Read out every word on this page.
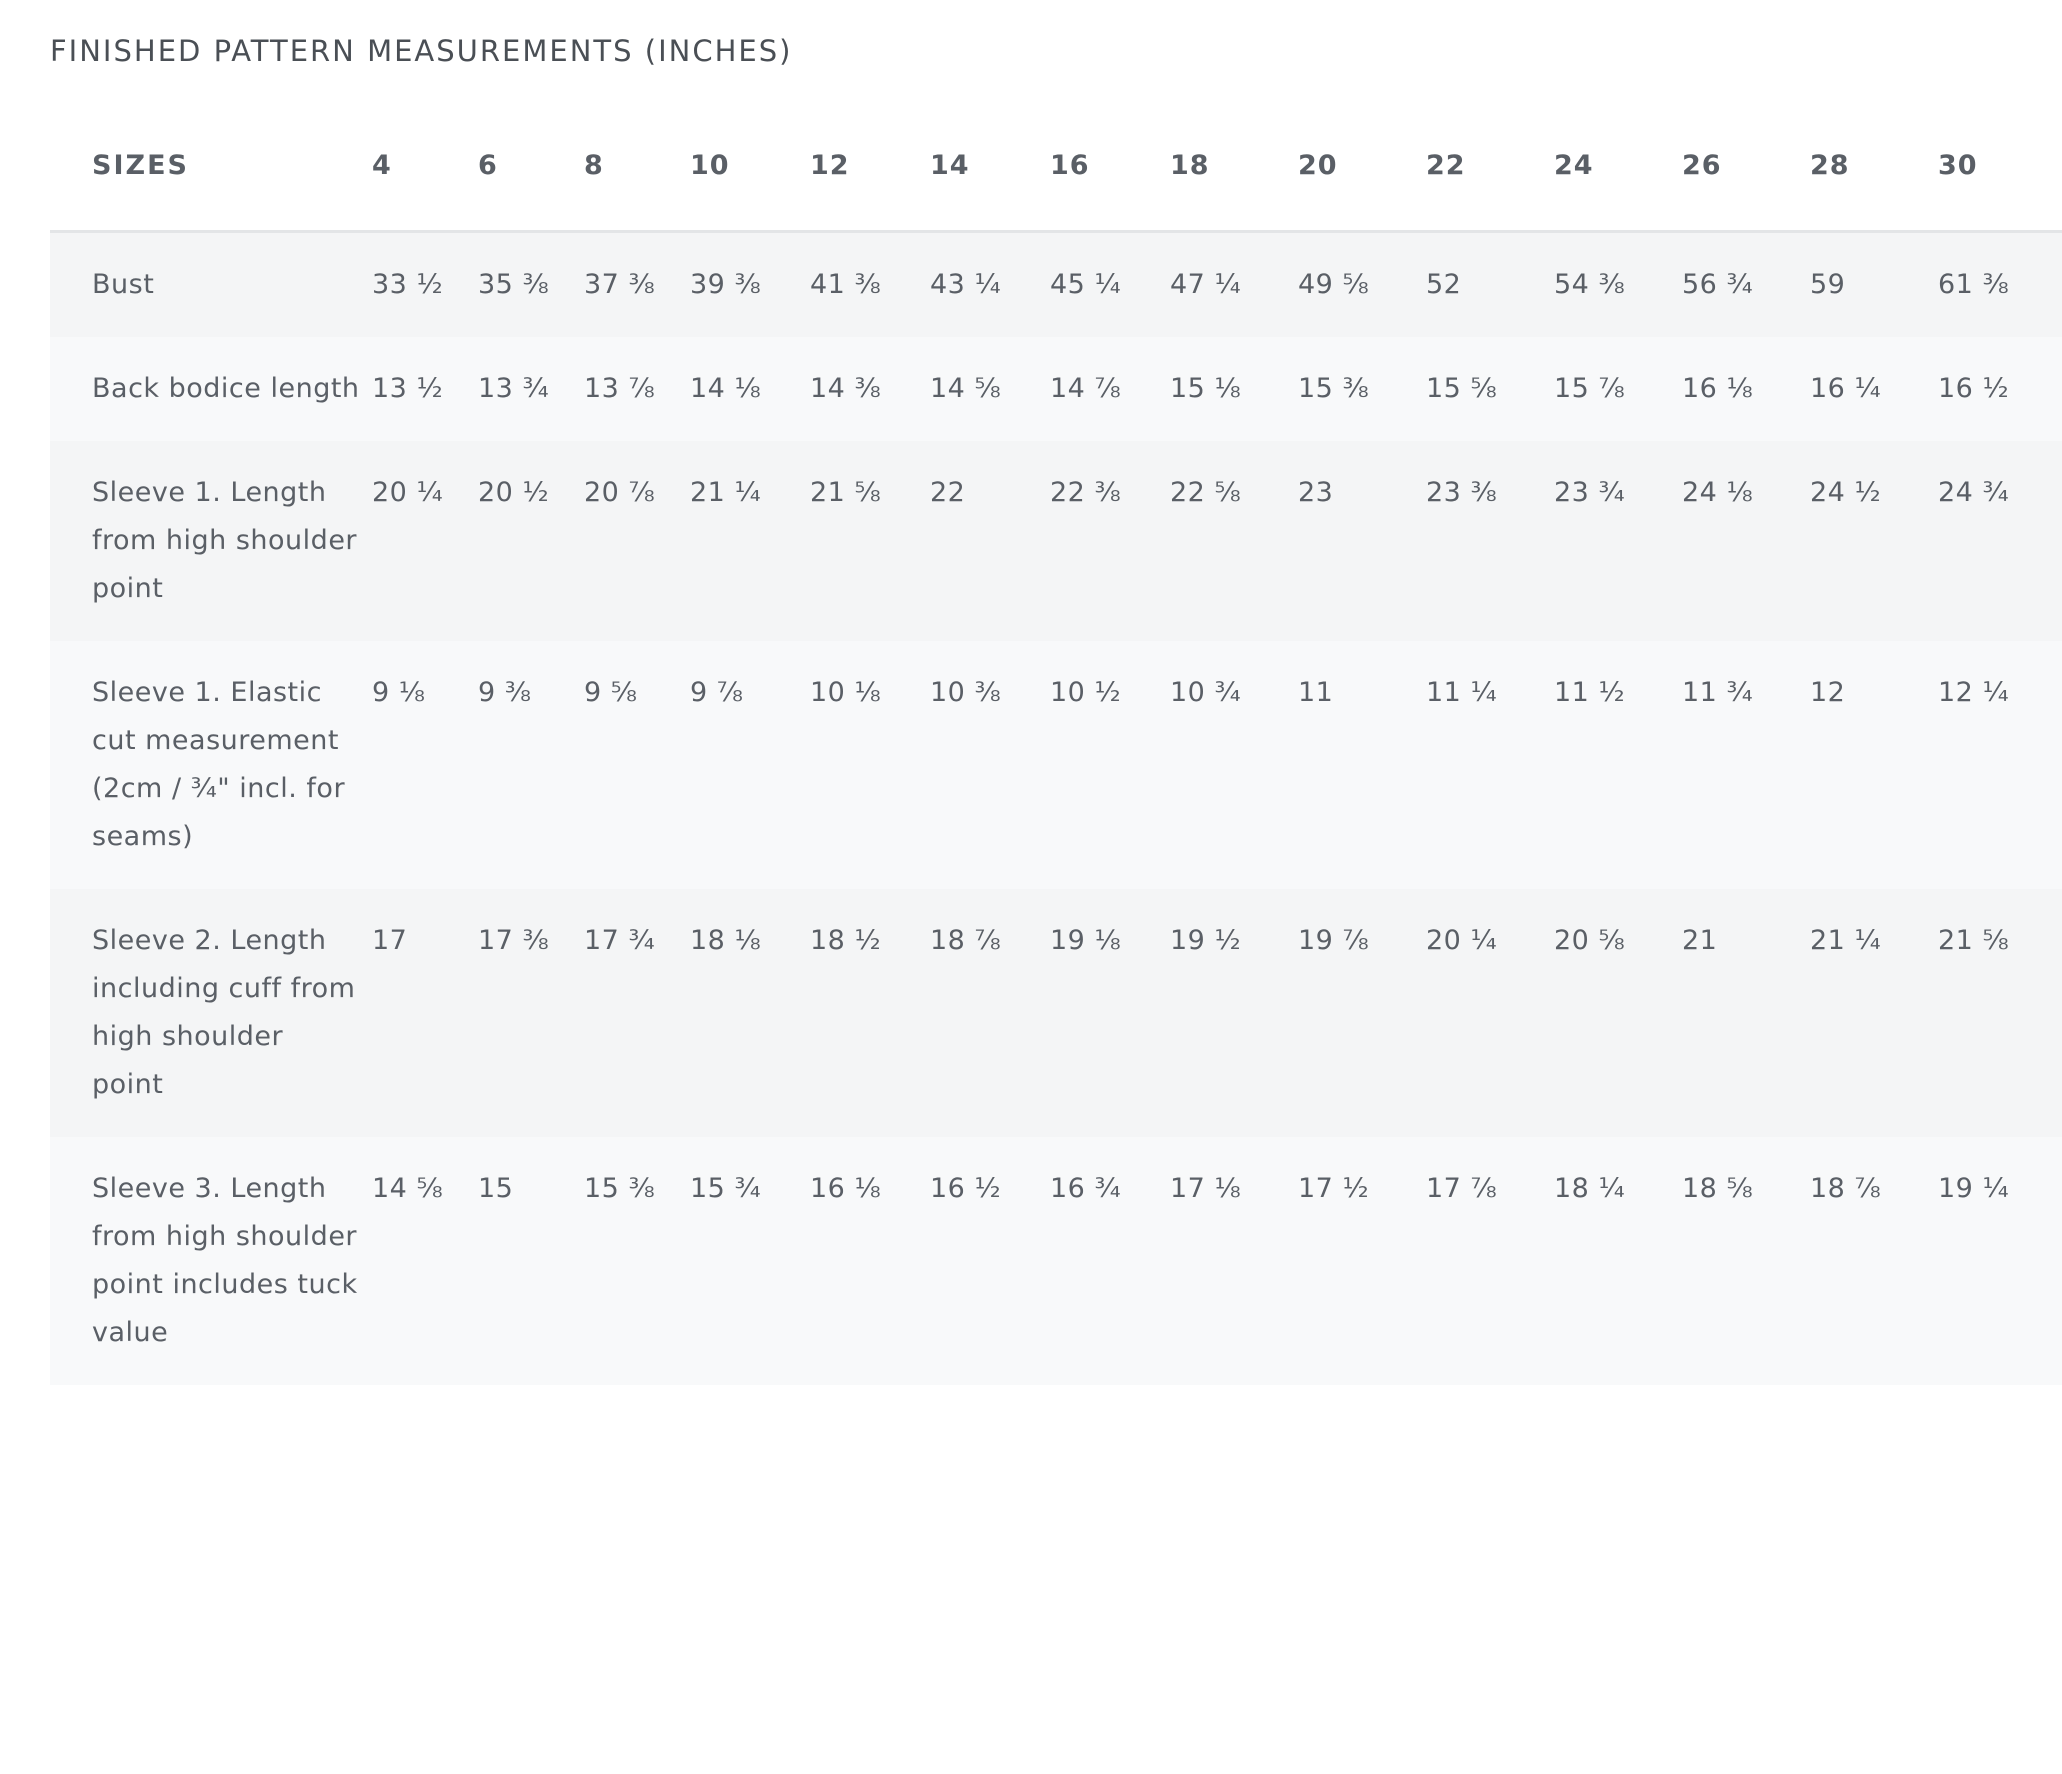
FINISHED PATTERN MEASUREMENTS (INCHES)
SIZES	4	6	8	10	12	14	16	18	20	22	24	26	28	30
Bust	33 ½	35 ⅜	37 ⅜	39 ⅜	41 ⅜	43 ¼	45 ¼	47 ¼	49 ⅝	52	54 ⅜	56 ¾	59	61 ⅜
Back bodice length	13 ½	13 ¾	13 ⅞	14 ⅛	14 ⅜	14 ⅝	14 ⅞	15 ⅛	15 ⅜	15 ⅝	15 ⅞	16 ⅛	16 ¼	16 ½
Sleeve 1. Length from high shoulder point	20 ¼	20 ½	20 ⅞	21 ¼	21 ⅝	22	22 ⅜	22 ⅝	23	23 ⅜	23 ¾	24 ⅛	24 ½	24 ¾
Sleeve 1. Elastic cut measurement (2cm / ¾" incl. for seams)	9 ⅛	9 ⅜	9 ⅝	9 ⅞	10 ⅛	10 ⅜	10 ½	10 ¾	11	11 ¼	11 ½	11 ¾	12	12 ¼
Sleeve 2. Length including cuff from high shoulder point	17	17 ⅜	17 ¾	18 ⅛	18 ½	18 ⅞	19 ⅛	19 ½	19 ⅞	20 ¼	20 ⅝	21	21 ¼	21 ⅝
Sleeve 3. Length from high shoulder point includes tuck value	14 ⅝	15	15 ⅜	15 ¾	16 ⅛	16 ½	16 ¾	17 ⅛	17 ½	17 ⅞	18 ¼	18 ⅝	18 ⅞	19 ¼
